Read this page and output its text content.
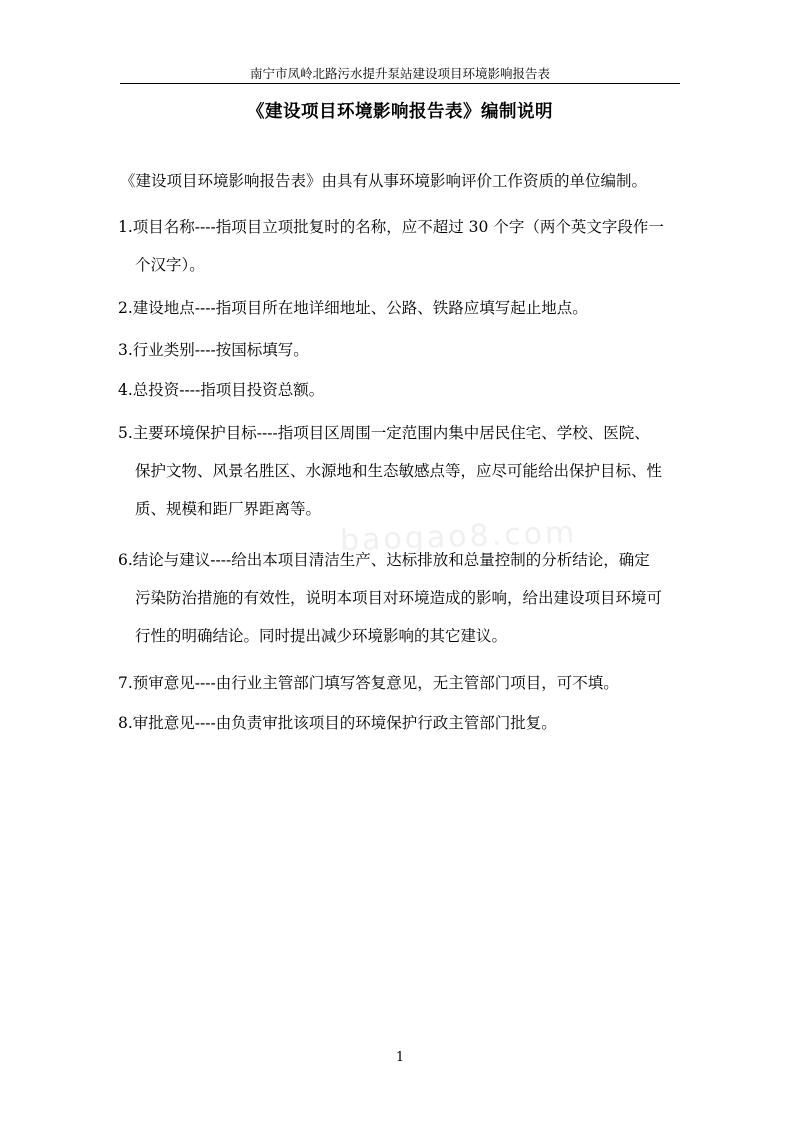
南宁市凤岭北路污水提升泵站建设项目环境影响报告表
《建设项目环境影响报告表》编制说明
baogao8.com
《建设项目环境影响报告表》由具有从事环境影响评价工作资质的单位编制。
1.项目名称----指项目立项批复时的名称，应不超过 30 个字（两个英文字段作一
个汉字）。
2.建设地点----指项目所在地详细地址、公路、铁路应填写起止地点。
3.行业类别----按国标填写。
4.总投资----指项目投资总额。
5.主要环境保护目标----指项目区周围一定范围内集中居民住宅、学校、医院、
保护文物、风景名胜区、水源地和生态敏感点等，应尽可能给出保护目标、性
质、规模和距厂界距离等。
6.结论与建议----给出本项目清洁生产、达标排放和总量控制的分析结论，确定
污染防治措施的有效性，说明本项目对环境造成的影响，给出建设项目环境可
行性的明确结论。同时提出减少环境影响的其它建议。
7.预审意见----由行业主管部门填写答复意见，无主管部门项目，可不填。
8.审批意见----由负责审批该项目的环境保护行政主管部门批复。
1
